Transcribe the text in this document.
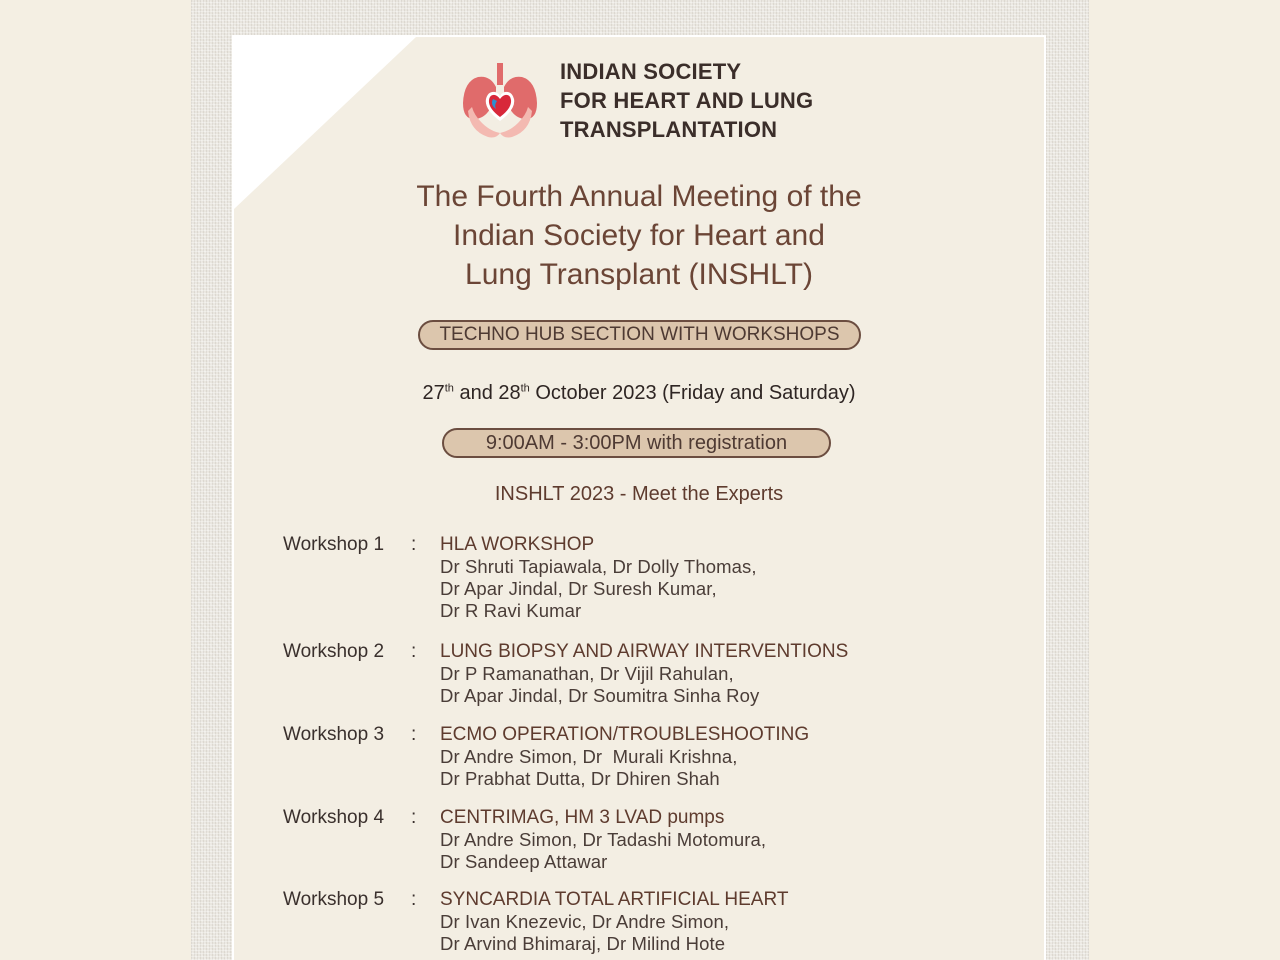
INDIAN SOCIETY
FOR HEART AND LUNG
TRANSPLANTATION
The Fourth Annual Meeting of the
Indian Society for Heart and
Lung Transplant (INSHLT)
TECHNO HUB SECTION WITH WORKSHOPS
27th and 28th October 2023 (Friday and Saturday)
9:00AM - 3:00PM with registration
INSHLT 2023 - Meet the Experts
Workshop 1 : HLA WORKSHOP
Dr Shruti Tapiawala, Dr Dolly Thomas,
Dr Apar Jindal, Dr Suresh Kumar,
Dr R Ravi Kumar
Workshop 2 : LUNG BIOPSY AND AIRWAY INTERVENTIONS
Dr P Ramanathan, Dr Vijil Rahulan,
Dr Apar Jindal, Dr Soumitra Sinha Roy
Workshop 3 : ECMO OPERATION/TROUBLESHOOTING
Dr Andre Simon, Dr  Murali Krishna,
Dr Prabhat Dutta, Dr Dhiren Shah
Workshop 4 : CENTRIMAG, HM 3 LVAD pumps
Dr Andre Simon, Dr Tadashi Motomura,
Dr Sandeep Attawar
Workshop 5 : SYNCARDIA TOTAL ARTIFICIAL HEART
Dr Ivan Knezevic, Dr Andre Simon,
Dr Arvind Bhimaraj, Dr Milind Hote
